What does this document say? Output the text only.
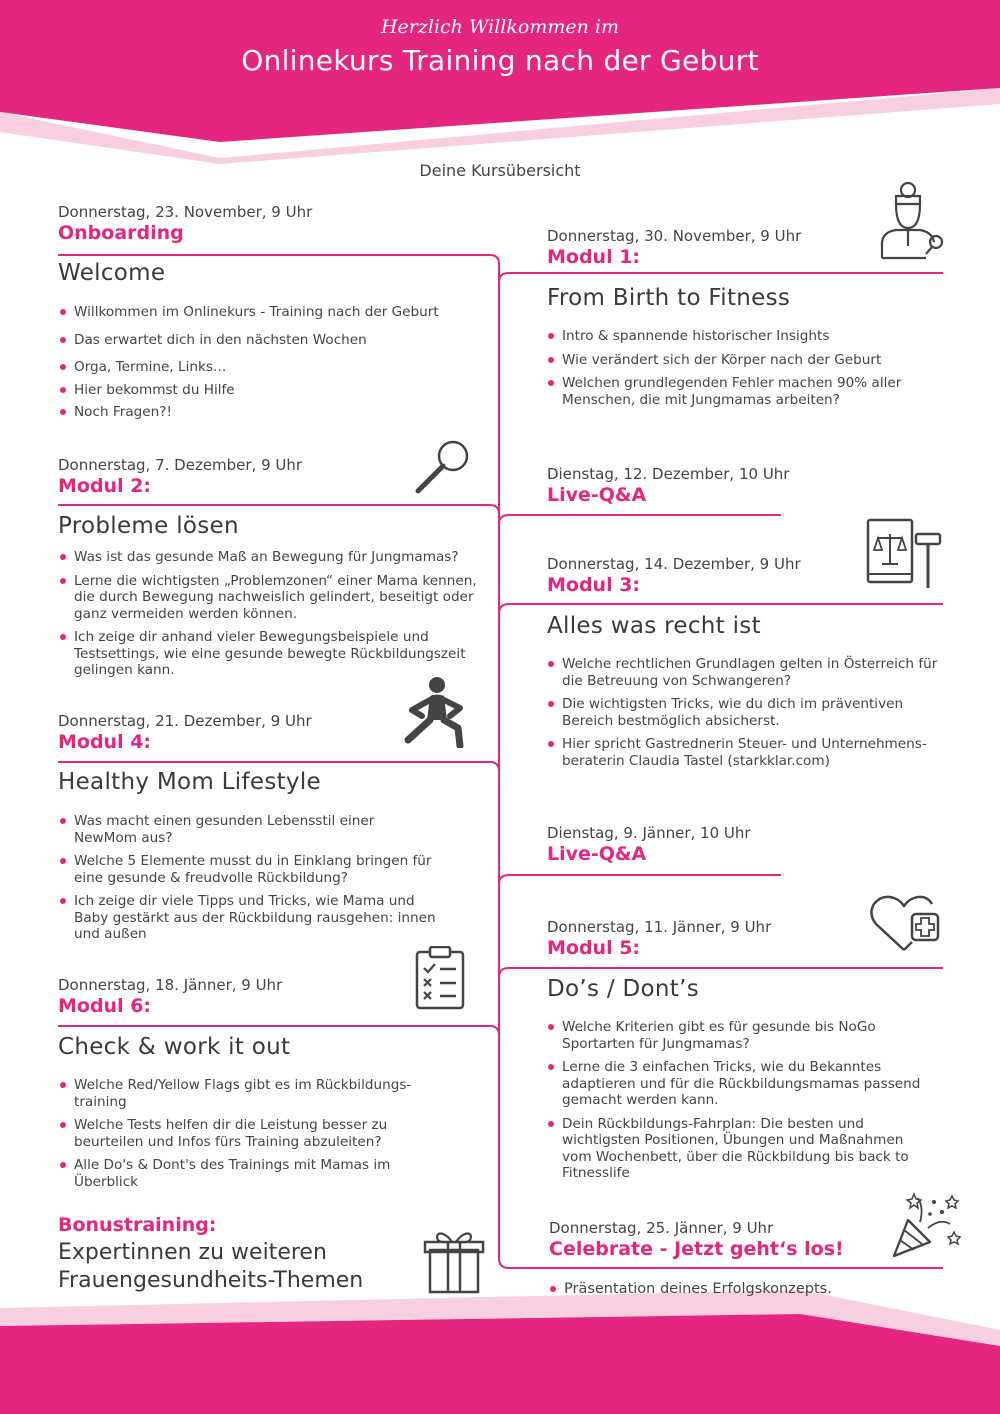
Herzlich Willkommen im
Onlinekurs Training nach der Geburt
Deine Kursübersicht
Donnerstag, 23. November, 9 Uhr
Onboarding
Welcome
Willkommen im Onlinekurs - Training nach der Geburt
Das erwartet dich in den nächsten Wochen
Orga, Termine, Links…
Hier bekommst du Hilfe
Noch Fragen?!
Donnerstag, 7. Dezember, 9 Uhr
Modul 2:
Probleme lösen
Was ist das gesunde Maß an Bewegung für Jungmamas?
Lerne die wichtigsten „Problemzonen“ einer Mama kennen, die durch Bewegung nachweislich gelindert, beseitigt oder ganz vermeiden werden können.
Ich zeige dir anhand vieler Bewegungsbeispiele und Testsettings, wie eine gesunde bewegte Rückbildungszeit gelingen kann.
Donnerstag, 21. Dezember, 9 Uhr
Modul 4:
Healthy Mom Lifestyle
Was macht einen gesunden Lebensstil einer NewMom aus?
Welche 5 Elemente musst du in Einklang bringen für eine gesunde & freudvolle Rückbildung?
Ich zeige dir viele Tipps und Tricks, wie Mama und Baby gestärkt aus der Rückbildung rausgehen: innen und außen
Donnerstag, 18. Jänner, 9 Uhr
Modul 6:
Check & work it out
Welche Red/Yellow Flags gibt es im Rückbildungs-training
Welche Tests helfen dir die Leistung besser zu beurteilen und Infos fürs Training abzuleiten?
Alle Do's & Dont's des Trainings mit Mamas im Überblick
Bonustraining:
Expertinnen zu weiteren
Frauengesundheits-Themen
Donnerstag, 30. November, 9 Uhr
Modul 1:
From Birth to Fitness
Intro & spannende historischer Insights
Wie verändert sich der Körper nach der Geburt
Welchen grundlegenden Fehler machen 90% aller Menschen, die mit Jungmamas arbeiten?
Dienstag, 12. Dezember, 10 Uhr
Live-Q&A
Donnerstag, 14. Dezember, 9 Uhr
Modul 3:
Alles was recht ist
Welche rechtlichen Grundlagen gelten in Österreich für die Betreuung von Schwangeren?
Die wichtigsten Tricks, wie du dich im präventiven Bereich bestmöglich absicherst.
Hier spricht Gastrednerin Steuer- und Unternehmens-beraterin Claudia Tastel (starkklar.com)
Dienstag, 9. Jänner, 10 Uhr
Live-Q&A
Donnerstag, 11. Jänner, 9 Uhr
Modul 5:
Do’s / Dont’s
Welche Kriterien gibt es für gesunde bis NoGo Sportarten für Jungmamas?
Lerne die 3 einfachen Tricks, wie du Bekanntes adaptieren und für die Rückbildungsmamas passend gemacht werden kann.
Dein Rückbildungs-Fahrplan: Die besten und wichtigsten Positionen, Übungen und Maßnahmen vom Wochenbett, über die Rückbildung bis back to Fitnesslife
Donnerstag, 25. Jänner, 9 Uhr
Celebrate - Jetzt geht‘s los!
Präsentation deines Erfolgskonzepts.
